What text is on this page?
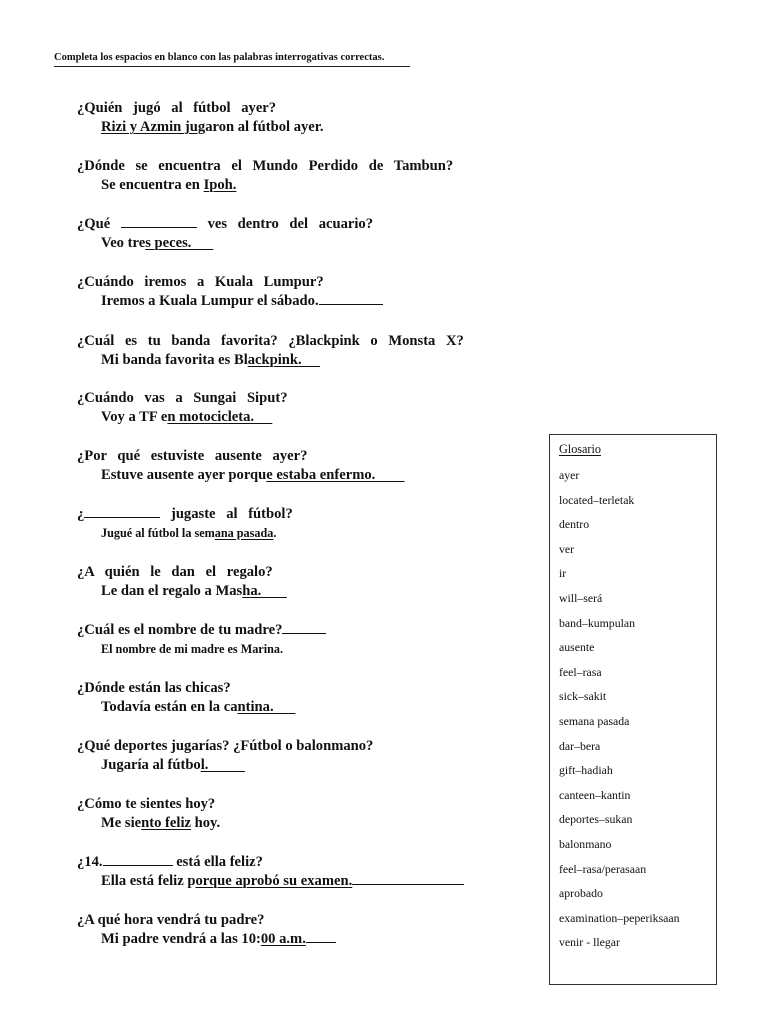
Completa los espacios en blanco con las palabras interrogativas correctas.
¿Quién jugó al fútbol ayer?
Rizi y Azmin jugaron al fútbol ayer.
¿Dónde se encuentra el Mundo Perdido de Tambun?
Se encuentra en Ipoh.
¿Qué	ves dentro del acuario?
Veo tres peces.
¿Cuándo iremos a Kuala Lumpur?
Iremos a Kuala Lumpur el sábado.
¿Cuál es tu banda favorita? ¿Blackpink o Monsta X?
Mi banda favorita es Blackpink.
¿Cuándo vas a Sungai Siput?
Voy a TF en motocicleta.
¿Por qué estuviste ausente ayer?
Estuve ausente ayer porque estaba enfermo.
¿	jugaste al fútbol?
Jugué al fútbol la semana pasada.
¿A quién le dan el regalo?
Le dan el regalo a Masha.
¿Cuál es el nombre de tu madre?
El nombre de mi madre es Marina.
¿Dónde están las chicas?
Todavía están en la cantina.
¿Qué deportes jugarías? ¿Fútbol o balonmano?
Jugaría al fútbol.
¿Cómo te sientes hoy?
Me siento feliz hoy.
¿14.	está ella feliz?
Ella está feliz porque aprobó su examen.
¿A qué hora vendrá tu padre?
Mi padre vendrá a las 10:00 a.m.
Glosario
ayer
located–terletak
dentro
ver
ir
will–será
band–kumpulan
ausente
feel–rasa
sick–sakit
semana pasada
dar–bera
gift–hadiah
canteen–kantin
deportes–sukan
balonmano
feel–rasa/perasaan
aprobado
examination–peperiksaan
venir - llegar
